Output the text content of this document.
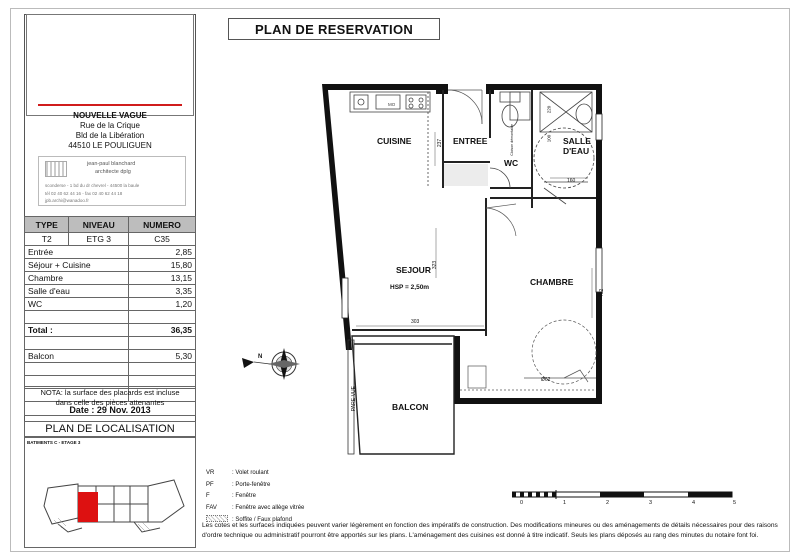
NOUVELLE VAGUE
Rue de la Crique
Bld de la Libération
44510 LE POULIGUEN
jean-paul blanchard
architecte dplg
sconderse - 1 bd du dr chevrel - 44500 la baule
tél 02 40 62 44 16 - fax 02 40 62 44 18
jpb.archi@wanadoo.fr
TYPE	NIVEAU	NUMERO
T2	ETG 3	C35
Entrée		2,85
Séjour + Cuisine		15,80
Chambre		13,15
Salle d'eau		3,35
WC		1,20

Total :		36,35

Balcon		5,30

NOTA: la surface des placards est incluse
dans celle des pièces attenantes
Date : 29 Nov. 2013
PLAN DE LOCALISATION
BATIMENTS C - ETAGE 3
PLAN DE RESERVATION
CUISINE	ENTREE
WC
SALLE
D'EAU
SEJOUR
HSP = 2,50m
CHAMBRE
BALCON
PARE-VUE
MO
237
323
303
452
160
100
220
Ø62
Cloison démontable
N
VR	: Volet roulant
PF	: Porte-fenêtre
F	: Fenêtre
FAV	: Fenêtre avec allège vitrée
	: Soffite / Faux plafond
0	1	2	3	4	5
Les cotes et les surfaces indiquées peuvent varier légèrement en fonction des impératifs de construction. Des modifications mineures ou des aménagements de détails nécessaires pour des raisons
d'ordre technique ou administratif pourront être apportés sur les plans. L'aménagement des cuisines est donné à titre indicatif. Seuls les plans déposés au rang des minutes du notaire font foi.
